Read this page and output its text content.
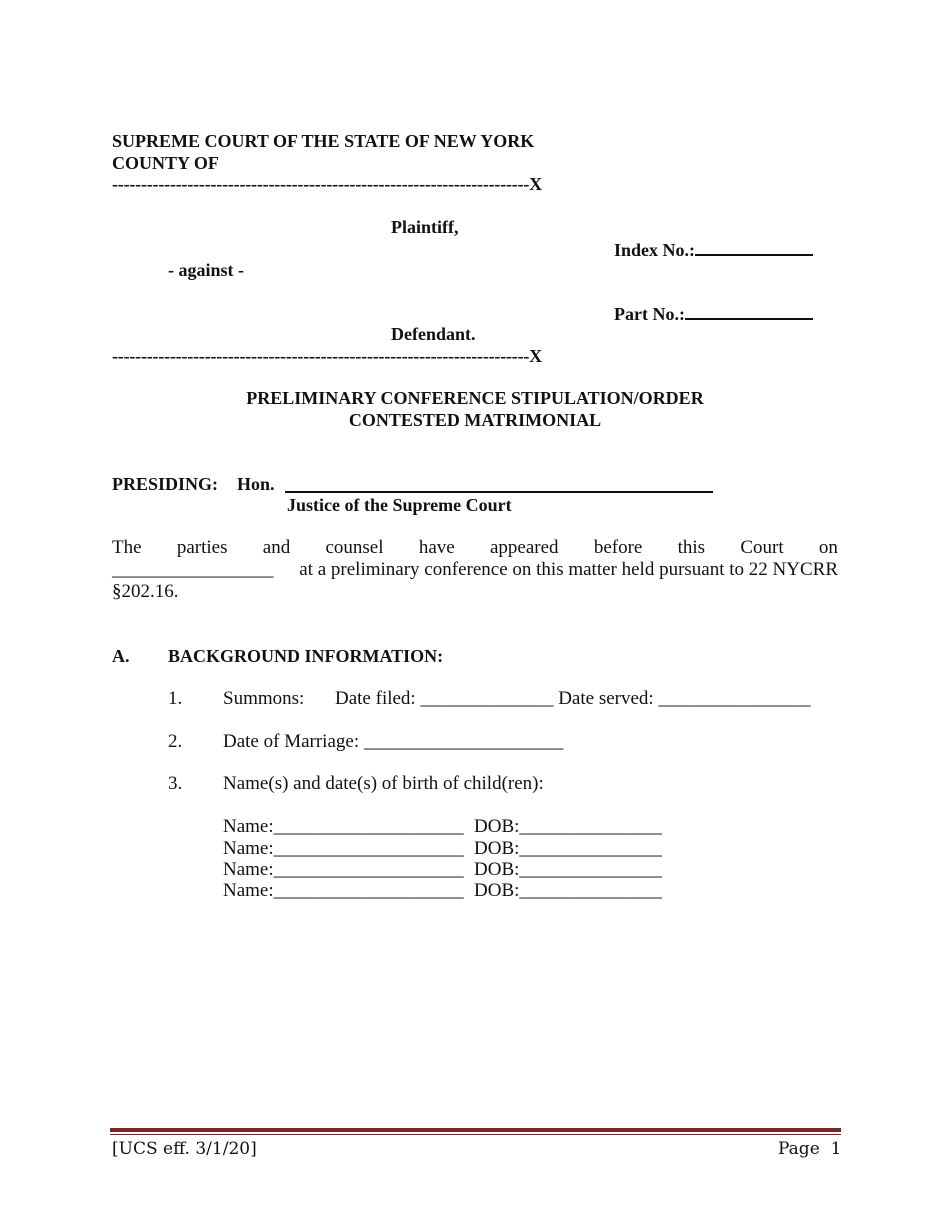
SUPREME COURT OF THE STATE OF NEW YORK
COUNTY OF
------------------------------------------------------------------------X
Plaintiff,
Index No.:
- against -
Part No.:
Defendant.
------------------------------------------------------------------------X
PRELIMINARY CONFERENCE STIPULATION/ORDER
CONTESTED MATRIMONIAL
PRESIDING: Hon.
Justice of the Supreme Court
The parties and counsel have appeared before this Court on
_________________ at a preliminary conference on this matter held pursuant to 22 NYCRR
§202.16.
A. BACKGROUND INFORMATION:
1. Summons: Date filed: ______________ Date served: ________________
2. Date of Marriage: _____________________
3. Name(s) and date(s) of birth of child(ren):
Name:____________________ DOB:_______________
Name:____________________ DOB:_______________
Name:____________________ DOB:_______________
Name:____________________ DOB:_______________
[UCS eff. 3/1/20]	Page 1
